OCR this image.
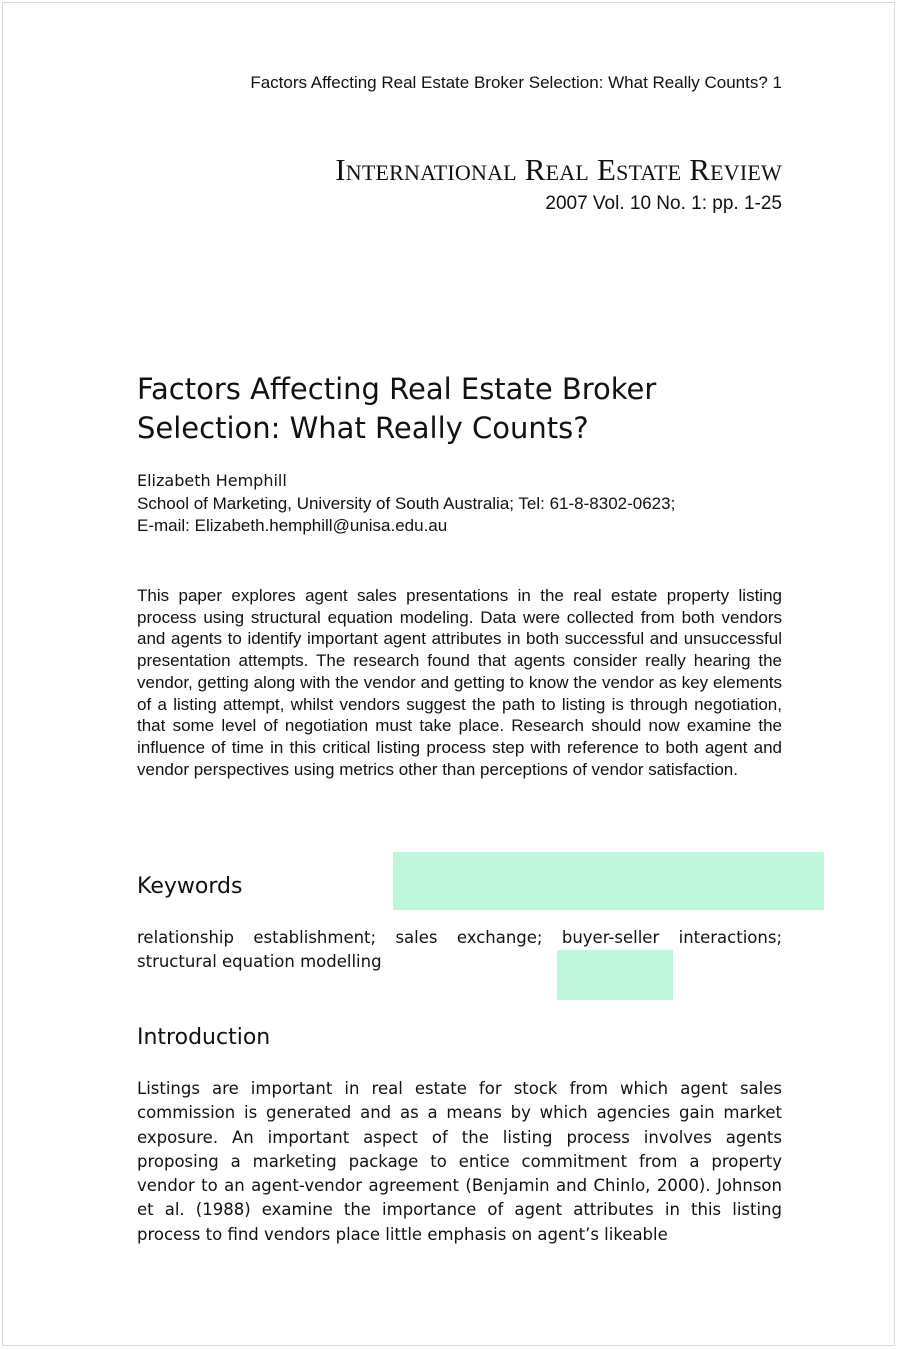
Factors Affecting Real Estate Broker Selection: What Really Counts? 1
International Real Estate Review
2007 Vol. 10 No. 1: pp. 1-25
Factors Affecting Real Estate Broker Selection: What Really Counts?
Elizabeth Hemphill
School of Marketing, University of South Australia; Tel: 61-8-8302-0623;
E-mail: Elizabeth.hemphill@unisa.edu.au
This paper explores agent sales presentations in the real estate property listing process using structural equation modeling. Data were collected from both vendors and agents to identify important agent attributes in both successful and unsuccessful presentation attempts. The research found that agents consider really hearing the vendor, getting along with the vendor and getting to know the vendor as key elements of a listing attempt, whilst vendors suggest the path to listing is through negotiation, that some level of negotiation must take place. Research should now examine the influence of time in this critical listing process step with reference to both agent and vendor perspectives using metrics other than perceptions of vendor satisfaction.
Keywords
relationship establishment; sales exchange; buyer-seller interactions; structural equation modelling
Introduction
Listings are important in real estate for stock from which agent sales commission is generated and as a means by which agencies gain market exposure. An important aspect of the listing process involves agents proposing a marketing package to entice commitment from a property vendor to an agent-vendor agreement (Benjamin and Chinlo, 2000). Johnson et al. (1988) examine the importance of agent attributes in this listing process to find vendors place little emphasis on agent’s likeable
